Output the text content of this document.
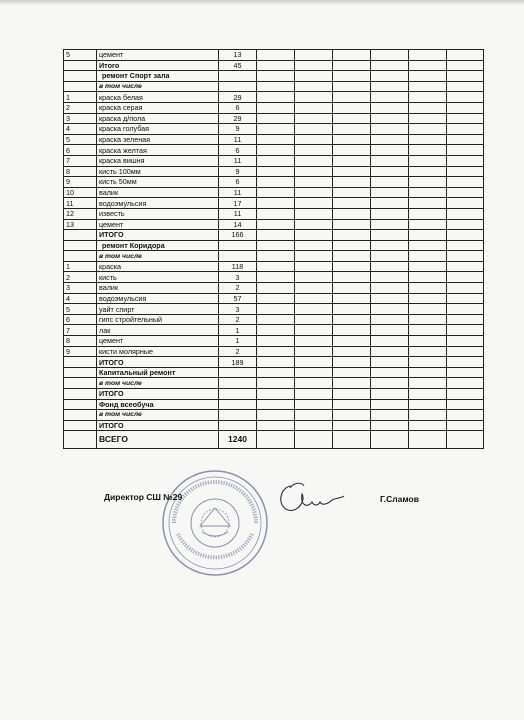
5	цемент	13						
	Итого	45						
	ремонт Спорт зала							
	в том числе							
1	краска белая	29						
2	краска серая	6						
3	краска д/пола	29						
4	краска голубая	9						
5	краска зеленая	11						
6	краска желтая	6						
7	краска вишня	11						
8	кисть 100мм	9						
9	кисть 50мм	6						
10	валик	11						
11	водоэмульсия	17						
12	известь	11						
13	цемент	14						
	ИТОГО	166						
	ремонт Коридора							
	в том числе							
1	краска	118						
2	кисть	3						
3	валик	2						
4	водоэмульсия	57						
5	уайт спирт	3						
6	гипс стройтельный	2						
7	лак	1						
8	цемент	1						
9	кисти молярные	2						
	ИТОГО	189						
	Капитальный ремонт							
	в том числе							
	ИТОГО							
	Фонд всеобуча							
	в том числе							
	ИТОГО							
	ВСЕГО	1240						
Директор СШ №29	Г.Сламов
